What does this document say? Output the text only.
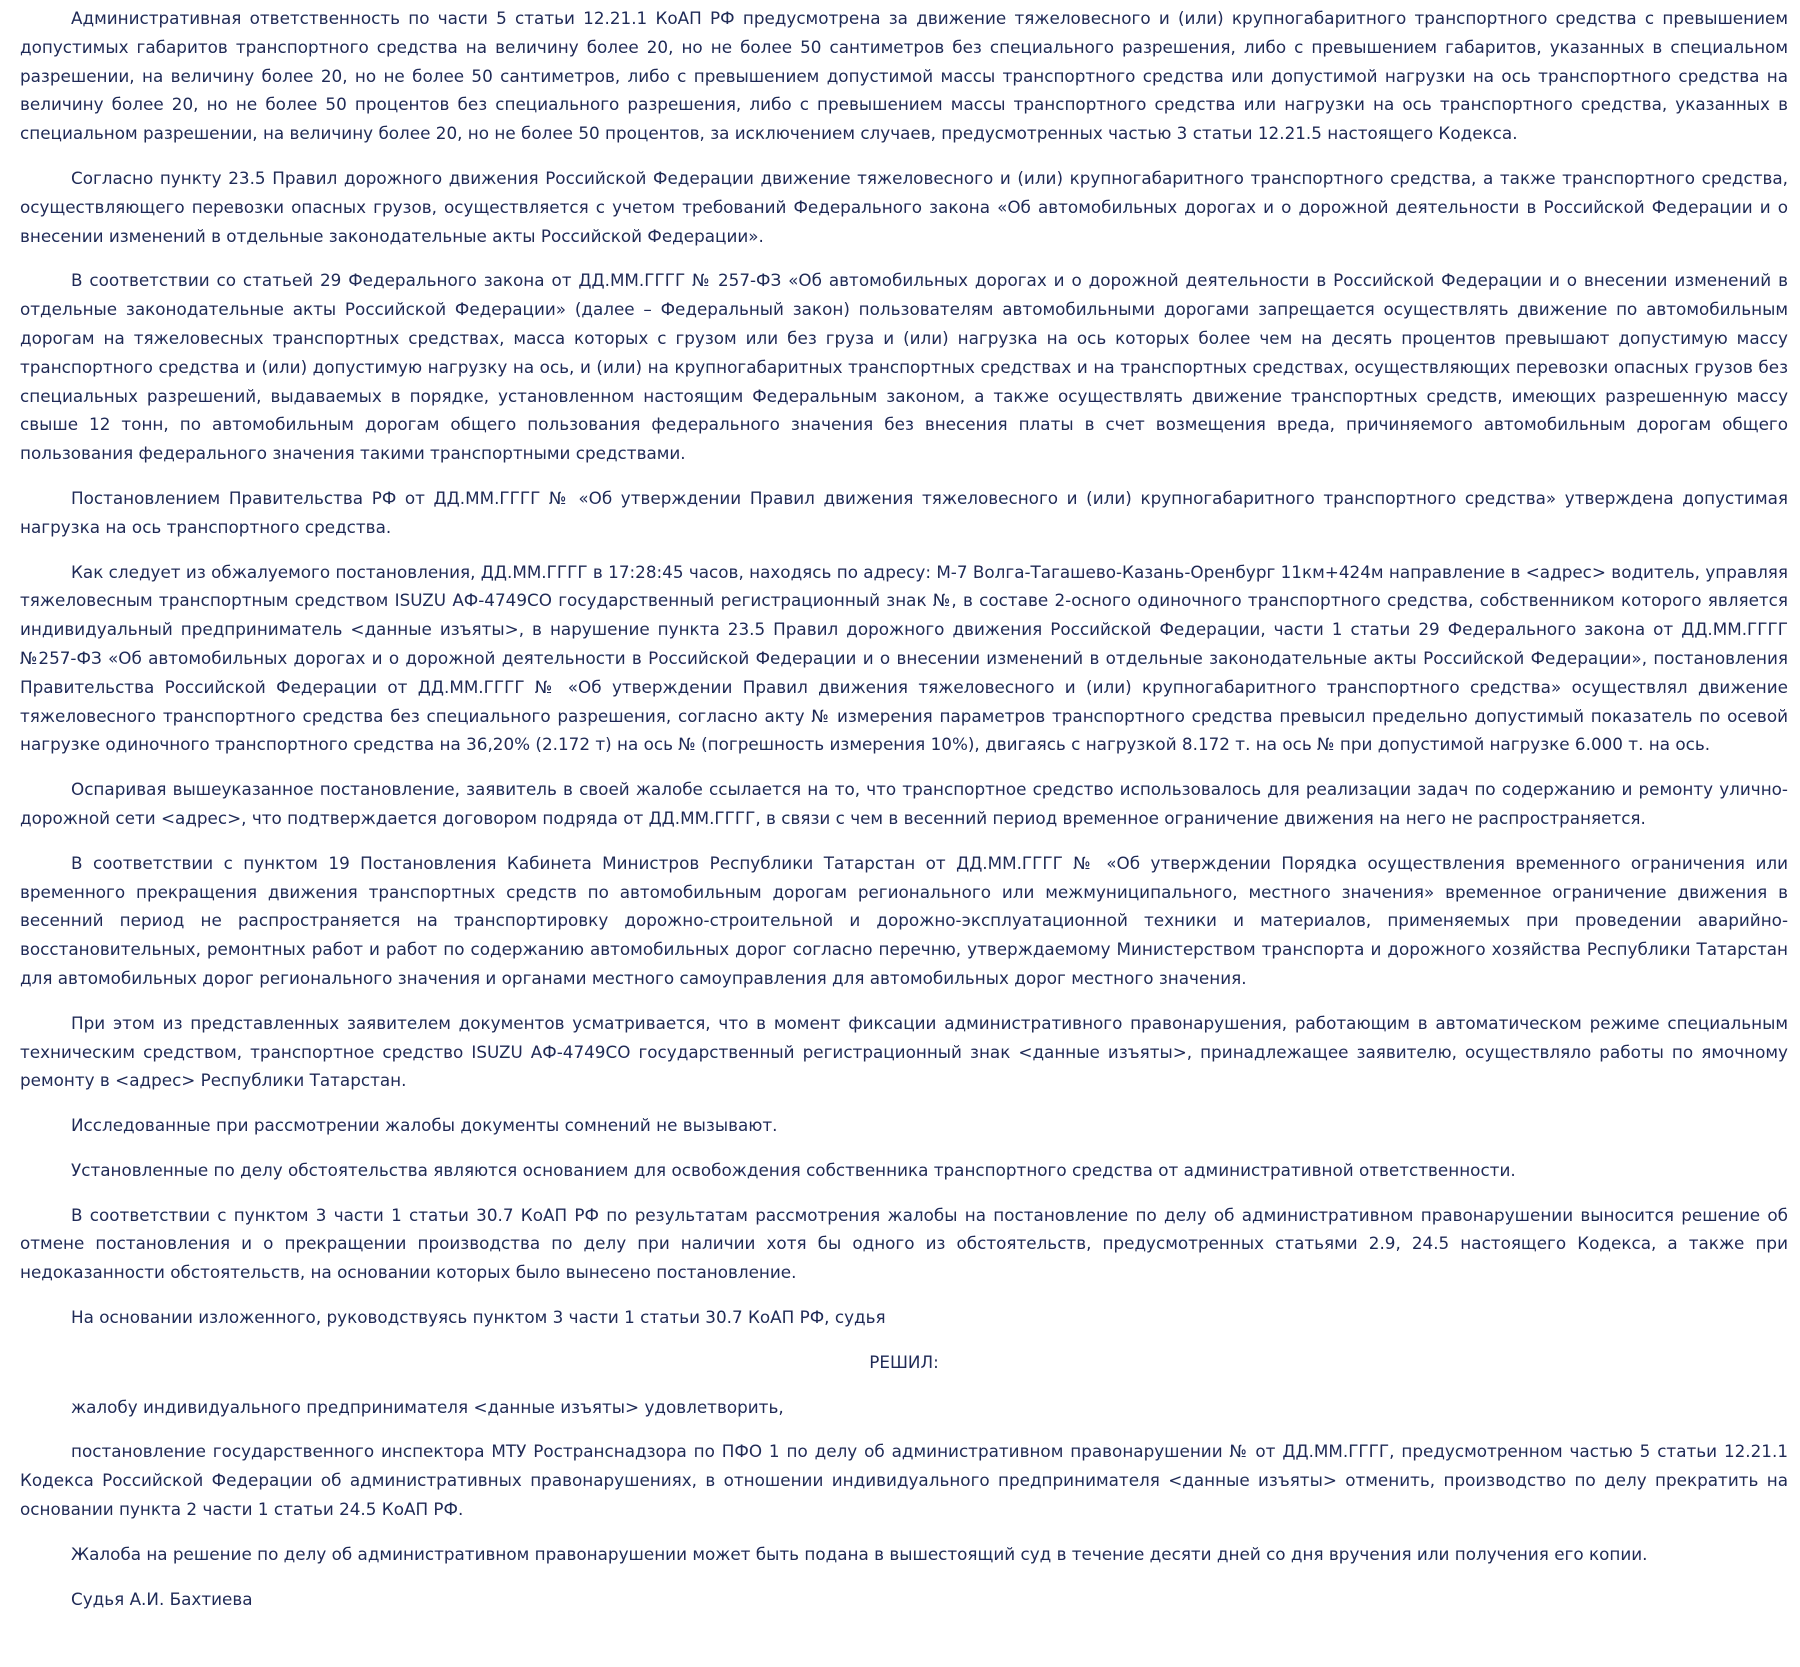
Административная ответственность по части 5 статьи 12.21.1 КоАП РФ предусмотрена за движение тяжеловесного и (или) крупногабаритного транспортного средства с превышением допустимых габаритов транспортного средства на величину более 20, но не более 50 сантиметров без специального разрешения, либо с превышением габаритов, указанных в специальном разрешении, на величину более 20, но не более 50 сантиметров, либо с превышением допустимой массы транспортного средства или допустимой нагрузки на ось транспортного средства на величину более 20, но не более 50 процентов без специального разрешения, либо с превышением массы транспортного средства или нагрузки на ось транспортного средства, указанных в специальном разрешении, на величину более 20, но не более 50 процентов, за исключением случаев, предусмотренных частью 3 статьи 12.21.5 настоящего Кодекса.

Согласно пункту 23.5 Правил дорожного движения Российской Федерации движение тяжеловесного и (или) крупногабаритного транспортного средства, а также транспортного средства, осуществляющего перевозки опасных грузов, осуществляется с учетом требований Федерального закона «Об автомобильных дорогах и о дорожной деятельности в Российской Федерации и о внесении изменений в отдельные законодательные акты Российской Федерации».

В соответствии со статьей 29 Федерального закона от ДД.ММ.ГГГГ № 257-ФЗ «Об автомобильных дорогах и о дорожной деятельности в Российской Федерации и о внесении изменений в отдельные законодательные акты Российской Федерации» (далее – Федеральный закон) пользователям автомобильными дорогами запрещается осуществлять движение по автомобильным дорогам на тяжеловесных транспортных средствах, масса которых с грузом или без груза и (или) нагрузка на ось которых более чем на десять процентов превышают допустимую массу транспортного средства и (или) допустимую нагрузку на ось, и (или) на крупногабаритных транспортных средствах и на транспортных средствах, осуществляющих перевозки опасных грузов без специальных разрешений, выдаваемых в порядке, установленном настоящим Федеральным законом, а также осуществлять движение транспортных средств, имеющих разрешенную массу свыше 12 тонн, по автомобильным дорогам общего пользования федерального значения без внесения платы в счет возмещения вреда, причиняемого автомобильным дорогам общего пользования федерального значения такими транспортными средствами.

Постановлением Правительства РФ от ДД.ММ.ГГГГ № «Об утверждении Правил движения тяжеловесного и (или) крупногабаритного транспортного средства» утверждена допустимая нагрузка на ось транспортного средства.

Как следует из обжалуемого постановления, ДД.ММ.ГГГГ в 17:28:45 часов, находясь по адресу: М-7 Волга-Тагашево-Казань-Оренбург 11км+424м направление в <адрес> водитель, управляя тяжеловесным транспортным средством ISUZU АФ-4749СО государственный регистрационный знак №, в составе 2-осного одиночного транспортного средства, собственником которого является индивидуальный предприниматель <данные изъяты>, в нарушение пункта 23.5 Правил дорожного движения Российской Федерации, части 1 статьи 29 Федерального закона от ДД.ММ.ГГГГ №257-ФЗ «Об автомобильных дорогах и о дорожной деятельности в Российской Федерации и о внесении изменений в отдельные законодательные акты Российской Федерации», постановления Правительства Российской Федерации от ДД.ММ.ГГГГ № «Об утверждении Правил движения тяжеловесного и (или) крупногабаритного транспортного средства» осуществлял движение тяжеловесного транспортного средства без специального разрешения, согласно акту № измерения параметров транспортного средства превысил предельно допустимый показатель по осевой нагрузке одиночного транспортного средства на 36,20% (2.172 т) на ось № (погрешность измерения 10%), двигаясь с нагрузкой 8.172 т. на ось № при допустимой нагрузке 6.000 т. на ось.

Оспаривая вышеуказанное постановление, заявитель в своей жалобе ссылается на то, что транспортное средство использовалось для реализации задач по содержанию и ремонту улично-дорожной сети <адрес>, что подтверждается договором подряда от ДД.ММ.ГГГГ, в связи с чем в весенний период временное ограничение движения на него не распространяется.

В соответствии с пунктом 19 Постановления Кабинета Министров Республики Татарстан от ДД.ММ.ГГГГ № «Об утверждении Порядка осуществления временного ограничения или временного прекращения движения транспортных средств по автомобильным дорогам регионального или межмуниципального, местного значения» временное ограничение движения в весенний период не распространяется на транспортировку дорожно-строительной и дорожно-эксплуатационной техники и материалов, применяемых при проведении аварийно-восстановительных, ремонтных работ и работ по содержанию автомобильных дорог согласно перечню, утверждаемому Министерством транспорта и дорожного хозяйства Республики Татарстан для автомобильных дорог регионального значения и органами местного самоуправления для автомобильных дорог местного значения.

При этом из представленных заявителем документов усматривается, что в момент фиксации административного правонарушения, работающим в автоматическом режиме специальным техническим средством, транспортное средство ISUZU АФ-4749СО государственный регистрационный знак <данные изъяты>, принадлежащее заявителю, осуществляло работы по ямочному ремонту в <адрес> Республики Татарстан.

Исследованные при рассмотрении жалобы документы сомнений не вызывают.

Установленные по делу обстоятельства являются основанием для освобождения собственника транспортного средства от административной ответственности.

В соответствии с пунктом 3 части 1 статьи 30.7 КоАП РФ по результатам рассмотрения жалобы на постановление по делу об административном правонарушении выносится решение об отмене постановления и о прекращении производства по делу при наличии хотя бы одного из обстоятельств, предусмотренных статьями 2.9, 24.5 настоящего Кодекса, а также при недоказанности обстоятельств, на основании которых было вынесено постановление.

На основании изложенного, руководствуясь пунктом 3 части 1 статьи 30.7 КоАП РФ, судья

РЕШИЛ:

жалобу индивидуального предпринимателя <данные изъяты> удовлетворить,

постановление государственного инспектора МТУ Ространснадзора по ПФО 1 по делу об административном правонарушении № от ДД.ММ.ГГГГ, предусмотренном частью 5 статьи 12.21.1 Кодекса Российской Федерации об административных правонарушениях, в отношении индивидуального предпринимателя <данные изъяты> отменить, производство по делу прекратить на основании пункта 2 части 1 статьи 24.5 КоАП РФ.

Жалоба на решение по делу об административном правонарушении может быть подана в вышестоящий суд в течение десяти дней со дня вручения или получения его копии.

Судья А.И. Бахтиева
